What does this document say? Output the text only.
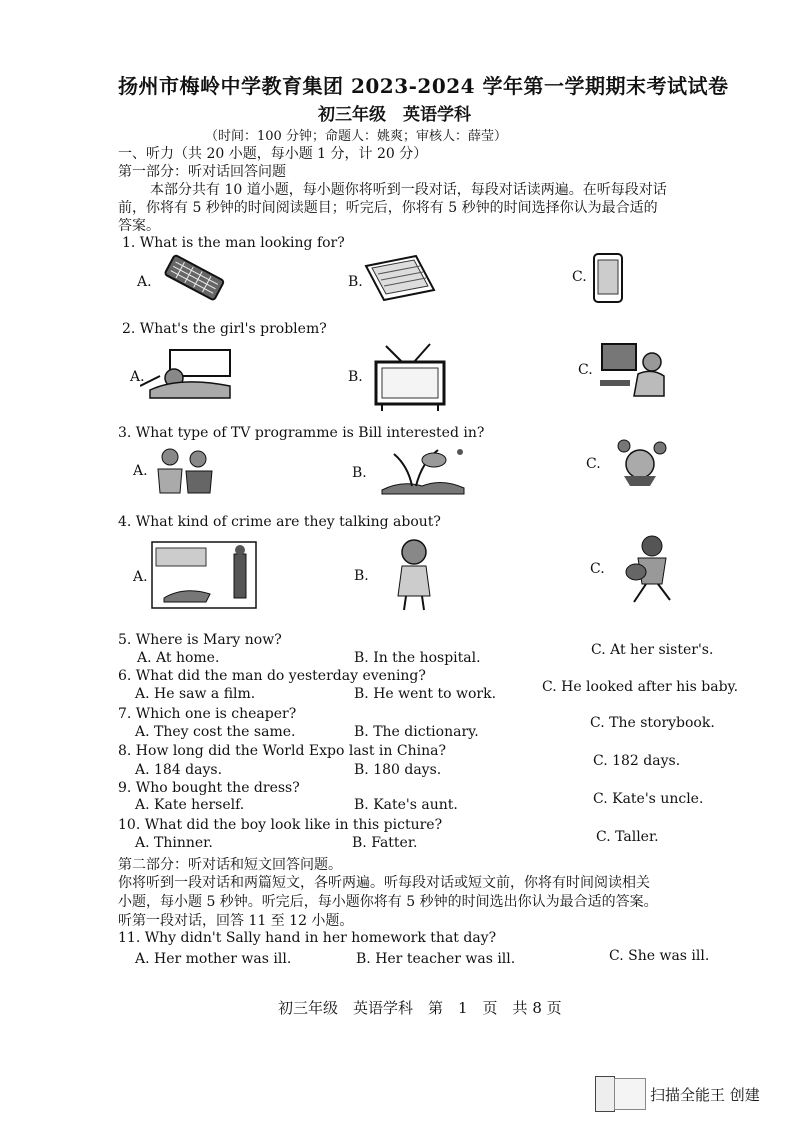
扬州市梅岭中学教育集团 2023-2024 学年第一学期期末考试试卷
初三年级　英语学科
（时间：100 分钟；命题人：姚爽；审核人：薛莹）
一、听力（共 20 小题，每小题 1 分，计 20 分）
第一部分：听对话回答问题
本部分共有 10 道小题，每小题你将听到一段对话，每段对话读两遍。在听每段对话
前，你将有 5 秒钟的时间阅读题目；听完后，你将有 5 秒钟的时间选择你认为最合适的
答案。
1. What is the man looking for?
A.	B.	C.
2. What's the girl's problem?
A.	B.	C.
3. What type of TV programme is Bill interested in?
A.	B.
C.
4. What kind of crime are they talking about?
A.	B.	C.
5. Where is Mary now?
A. At home.	B. In the hospital.	C. At her sister's.
6. What did the man do yesterday evening?
A. He saw a film.	B. He went to work.	C. He looked after his baby.
7. Which one is cheaper?
A. They cost the same.	B. The dictionary.
C. The storybook.
8. How long did the World Expo last in China?
A. 184 days.	B. 180 days.
C. 182 days.
9. Who bought the dress?
A. Kate herself.	B. Kate's aunt.	C. Kate's uncle.
10. What did the boy look like in this picture?
A. Thinner.	B. Fatter.	C. Taller.
第二部分：听对话和短文回答问题。
你将听到一段对话和两篇短文，各听两遍。听每段对话或短文前，你将有时间阅读相关
小题，每小题 5 秒钟。听完后，每小题你将有 5 秒钟的时间选出你认为最合适的答案。
听第一段对话，回答 11 至 12 小题。
11. Why didn't Sally hand in her homework that day?
A. Her mother was ill.	B. Her teacher was ill.	C. She was ill.
初三年级　英语学科　第　1　页　共 8 页
扫描全能王 创建
